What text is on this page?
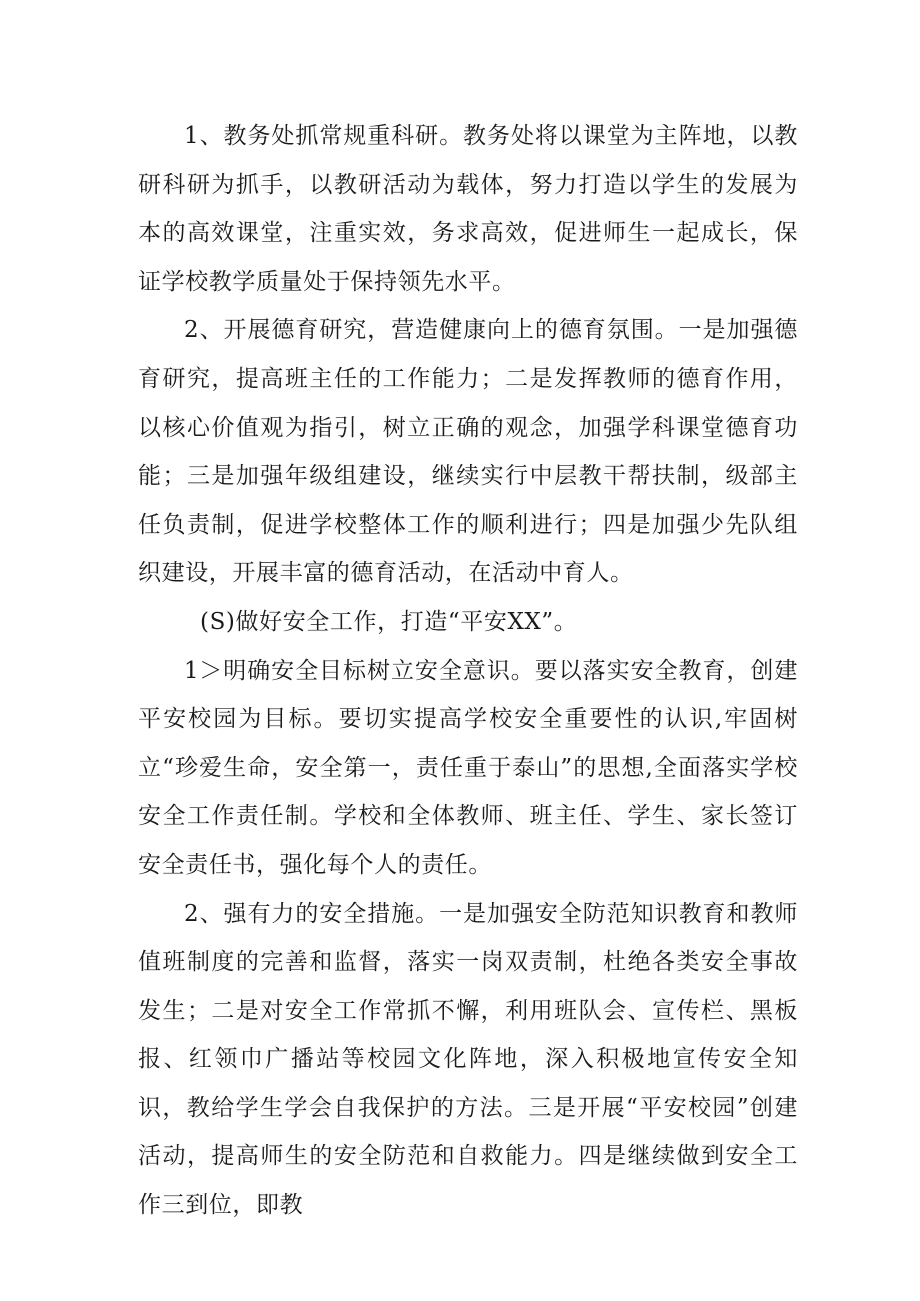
1、教务处抓常规重科研。教务处将以课堂为主阵地，以教研科研为抓手，以教研活动为载体，努力打造以学生的发展为本的高效课堂，注重实效，务求高效，促进师生一起成长，保证学校教学质量处于保持领先水平。

2、开展德育研究，营造健康向上的德育氛围。一是加强德育研究，提高班主任的工作能力；二是发挥教师的德育作用，以核心价值观为指引，树立正确的观念，加强学科课堂德育功能；三是加强年级组建设，继续实行中层教干帮扶制，级部主任负责制，促进学校整体工作的顺利进行；四是加强少先队组织建设，开展丰富的德育活动，在活动中育人。

(S)做好安全工作，打造“平安XX”。

1＞明确安全目标树立安全意识。要以落实安全教育，创建平安校园为目标。要切实提高学校安全重要性的认识,牢固树立“珍爱生命，安全第一，责任重于泰山”的思想,全面落实学校安全工作责任制。学校和全体教师、班主任、学生、家长签订安全责任书，强化每个人的责任。

2、强有力的安全措施。一是加强安全防范知识教育和教师值班制度的完善和监督，落实一岗双责制，杜绝各类安全事故发生；二是对安全工作常抓不懈，利用班队会、宣传栏、黑板报、红领巾广播站等校园文化阵地，深入积极地宣传安全知识，教给学生学会自我保护的方法。三是开展“平安校园”创建活动，提高师生的安全防范和自救能力。四是继续做到安全工作三到位，即教
